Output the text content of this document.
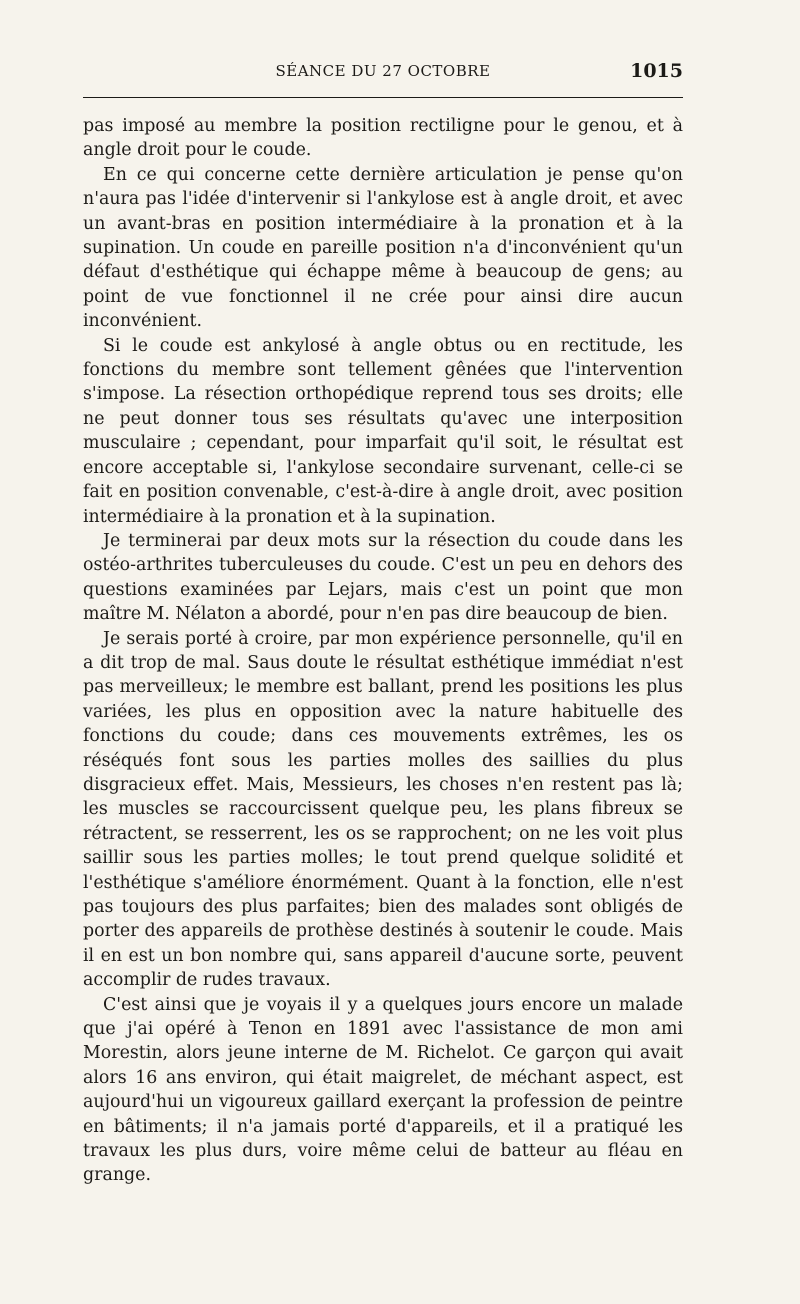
SÉANCE DU 27 OCTOBRE	1015

pas imposé au membre la position rectiligne pour le genou, et à angle droit pour le coude.

En ce qui concerne cette dernière articulation je pense qu'on n'aura pas l'idée d'intervenir si l'ankylose est à angle droit, et avec un avant-bras en position intermédiaire à la pronation et à la supination. Un coude en pareille position n'a d'inconvénient qu'un défaut d'esthétique qui échappe même à beaucoup de gens; au point de vue fonctionnel il ne crée pour ainsi dire aucun inconvénient.

Si le coude est ankylosé à angle obtus ou en rectitude, les fonctions du membre sont tellement gênées que l'intervention s'impose. La résection orthopédique reprend tous ses droits; elle ne peut donner tous ses résultats qu'avec une interposition musculaire ; cependant, pour imparfait qu'il soit, le résultat est encore acceptable si, l'ankylose secondaire survenant, celle-ci se fait en position convenable, c'est-à-dire à angle droit, avec position intermédiaire à la pronation et à la supination.

Je terminerai par deux mots sur la résection du coude dans les ostéo-arthrites tuberculeuses du coude. C'est un peu en dehors des questions examinées par Lejars, mais c'est un point que mon maître M. Nélaton a abordé, pour n'en pas dire beaucoup de bien.

Je serais porté à croire, par mon expérience personnelle, qu'il en a dit trop de mal. Saus doute le résultat esthétique immédiat n'est pas merveilleux; le membre est ballant, prend les positions les plus variées, les plus en opposition avec la nature habituelle des fonctions du coude; dans ces mouvements extrêmes, les os réséqués font sous les parties molles des saillies du plus disgracieux effet. Mais, Messieurs, les choses n'en restent pas là; les muscles se raccourcissent quelque peu, les plans fibreux se rétractent, se resserrent, les os se rapprochent; on ne les voit plus saillir sous les parties molles; le tout prend quelque solidité et l'esthétique s'améliore énormément. Quant à la fonction, elle n'est pas toujours des plus parfaites; bien des malades sont obligés de porter des appareils de prothèse destinés à soutenir le coude. Mais il en est un bon nombre qui, sans appareil d'aucune sorte, peuvent accomplir de rudes travaux.

C'est ainsi que je voyais il y a quelques jours encore un malade que j'ai opéré à Tenon en 1891 avec l'assistance de mon ami Morestin, alors jeune interne de M. Richelot. Ce garçon qui avait alors 16 ans environ, qui était maigrelet, de méchant aspect, est aujourd'hui un vigoureux gaillard exerçant la profession de peintre en bâtiments; il n'a jamais porté d'appareils, et il a pratiqué les travaux les plus durs, voire même celui de batteur au fléau en grange.
